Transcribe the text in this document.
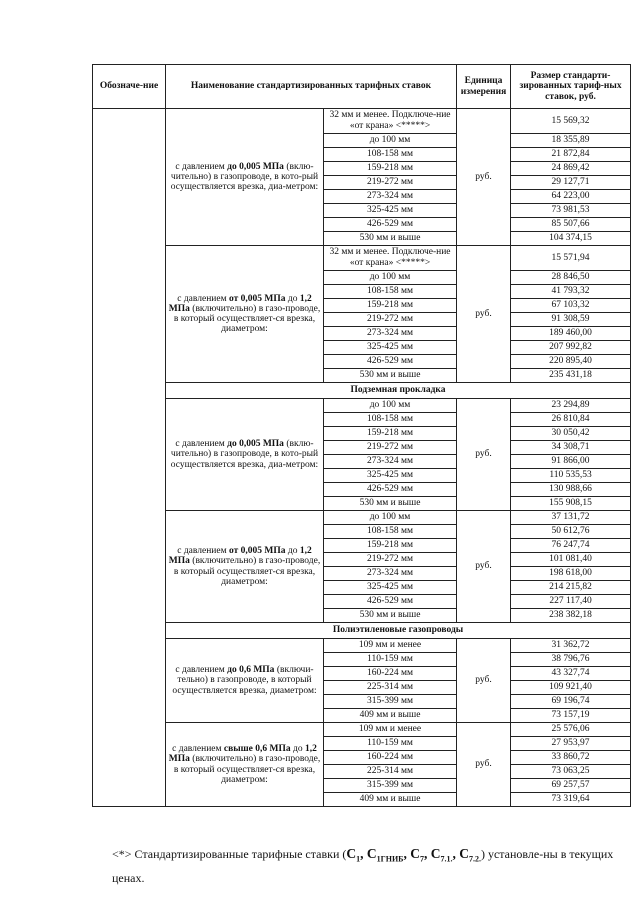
Обозначе-ние	Наименование стандартизированных тарифных ставок		Единица измерения	Размер стандарти-зированных тариф-ных ставок, руб.
	с давлением до 0,005 МПа (вклю-чительно) в газопроводе, в кото-рый осуществляется врезка, диа-метром:	32 мм и менее. Подключе-ние «от крана» <*****>	руб.	15 569,32
		до 100 мм		18 355,89
		108-158 мм		21 872,84
		159-218 мм		24 869,42
		219-272 мм		29 127,71
		273-324 мм		64 223,00
		325-425 мм		73 981,53
		426-529 мм		85 507,66
		530 мм и выше		104 374,15
	с давлением от 0,005 МПа до 1,2 МПа (включительно) в газо-проводе, в который осуществляет-ся врезка, диаметром:	32 мм и менее. Подключе-ние «от крана» <*****>	руб.	15 571,94
		до 100 мм		28 846,50
		108-158 мм		41 793,32
		159-218 мм		67 103,32
		219-272 мм		91 308,59
		273-324 мм		189 460,00
		325-425 мм		207 992,82
		426-529 мм		220 895,40
		530 мм и выше		235 431,18
	Подземная прокладка			
	с давлением до 0,005 МПа (вклю-чительно) в газопроводе, в кото-рый осуществляется врезка, диа-метром:	до 100 мм	руб.	23 294,89
		108-158 мм		26 810,84
		159-218 мм		30 050,42
		219-272 мм		34 308,71
		273-324 мм		91 866,00
		325-425 мм		110 535,53
		426-529 мм		130 988,66
		530 мм и выше		155 908,15
	с давлением от 0,005 МПа до 1,2 МПа (включительно) в газо-проводе, в который осуществляет-ся врезка, диаметром:	до 100 мм	руб.	37 131,72
		108-158 мм		50 612,76
		159-218 мм		76 247,74
		219-272 мм		101 081,40
		273-324 мм		198 618,00
		325-425 мм		214 215,82
		426-529 мм		227 117,40
		530 мм и выше		238 382,18
	Полиэтиленовые газопроводы			
	с давлением до 0,6 МПа (включи-тельно) в газопроводе, в который осуществляется врезка, диаметром:	109 мм и менее	руб.	31 362,72
		110-159 мм		38 796,76
		160-224 мм		43 327,74
		225-314 мм		109 921,40
		315-399 мм		69 196,74
		409 мм и выше		73 157,19
	с давлением свыше 0,6 МПа до 1,2 МПа (включительно) в газо-проводе, в который осуществляет-ся врезка, диаметром:	109 мм и менее	руб.	25 576,06
		110-159 мм		27 953,97
		160-224 мм		33 860,72
		225-314 мм		73 063,25
		315-399 мм		69 257,57
		409 мм и выше		73 319,64
<*> Стандартизированные тарифные ставки ($С_1$, $С_{1ГНИБ}$, $С_7$, $С_{7.1.}$, $С_{7.2.}$) установле-ны в текущих ценах.
